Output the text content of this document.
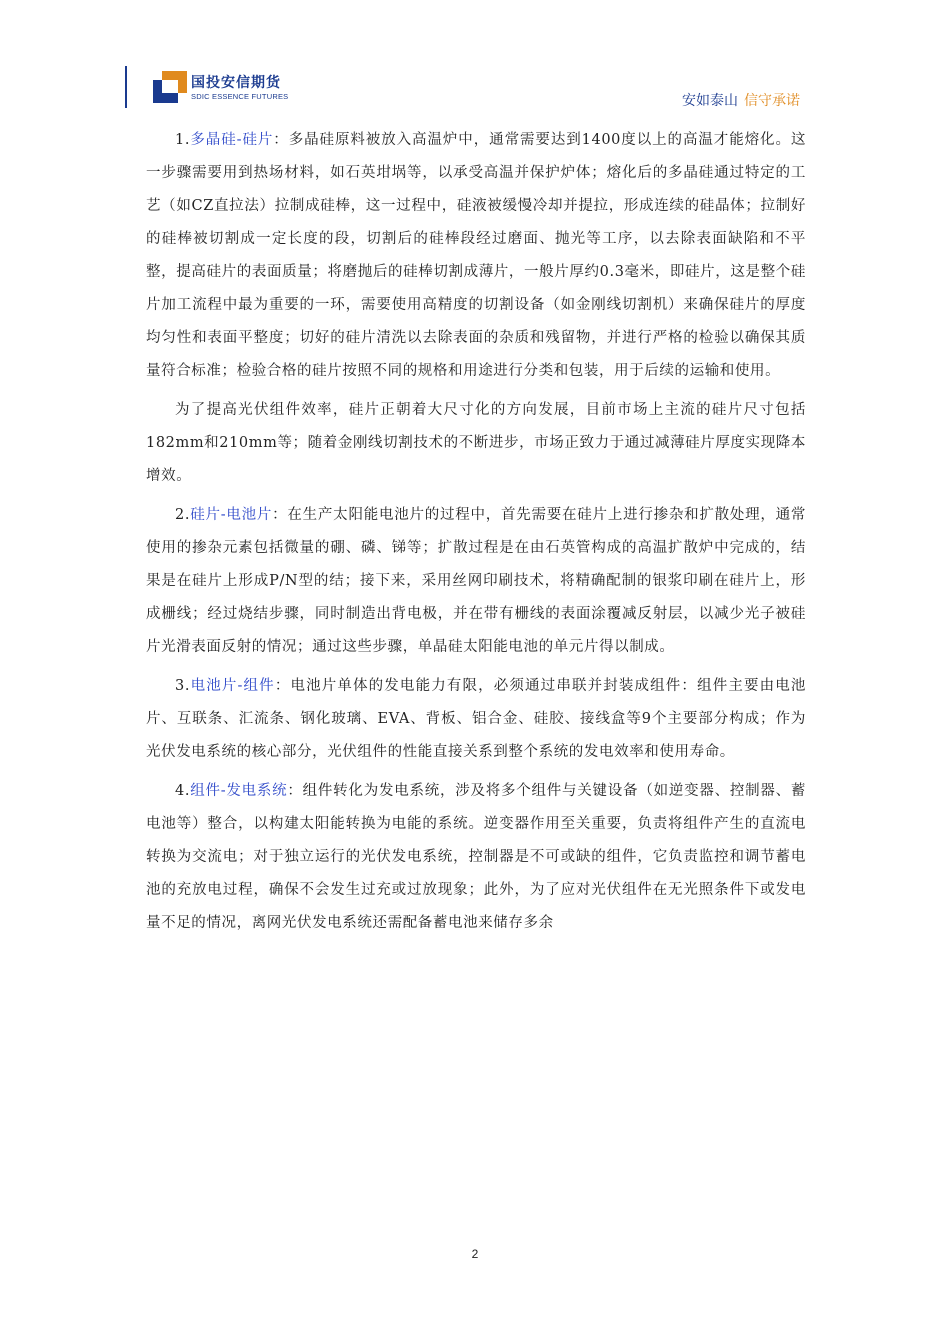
国投安信期货
SDIC ESSENCE FUTURES	安如泰山 信守承诺

1.多晶硅-硅片：多晶硅原料被放入高温炉中，通常需要达到1400度以上的高温才能熔化。这一步骤需要用到热场材料，如石英坩埚等，以承受高温并保护炉体；熔化后的多晶硅通过特定的工艺（如CZ直拉法）拉制成硅棒，这一过程中，硅液被缓慢冷却并提拉，形成连续的硅晶体；拉制好的硅棒被切割成一定长度的段，切割后的硅棒段经过磨面、抛光等工序，以去除表面缺陷和不平整，提高硅片的表面质量；将磨抛后的硅棒切割成薄片，一般片厚约0.3毫米，即硅片，这是整个硅片加工流程中最为重要的一环，需要使用高精度的切割设备（如金刚线切割机）来确保硅片的厚度均匀性和表面平整度；切好的硅片清洗以去除表面的杂质和残留物，并进行严格的检验以确保其质量符合标准；检验合格的硅片按照不同的规格和用途进行分类和包装，用于后续的运输和使用。

为了提高光伏组件效率，硅片正朝着大尺寸化的方向发展，目前市场上主流的硅片尺寸包括182mm和210mm等；随着金刚线切割技术的不断进步，市场正致力于通过减薄硅片厚度实现降本增效。

2.硅片-电池片：在生产太阳能电池片的过程中，首先需要在硅片上进行掺杂和扩散处理，通常使用的掺杂元素包括微量的硼、磷、锑等；扩散过程是在由石英管构成的高温扩散炉中完成的，结果是在硅片上形成P/N型的结；接下来，采用丝网印刷技术，将精确配制的银浆印刷在硅片上，形成栅线；经过烧结步骤，同时制造出背电极，并在带有栅线的表面涂覆减反射层，以减少光子被硅片光滑表面反射的情况；通过这些步骤，单晶硅太阳能电池的单元片得以制成。

3.电池片-组件：电池片单体的发电能力有限，必须通过串联并封装成组件：组件主要由电池片、互联条、汇流条、钢化玻璃、EVA、背板、铝合金、硅胶、接线盒等9个主要部分构成；作为光伏发电系统的核心部分，光伏组件的性能直接关系到整个系统的发电效率和使用寿命。

4.组件-发电系统：组件转化为发电系统，涉及将多个组件与关键设备（如逆变器、控制器、蓄电池等）整合，以构建太阳能转换为电能的系统。逆变器作用至关重要，负责将组件产生的直流电转换为交流电；对于独立运行的光伏发电系统，控制器是不可或缺的组件，它负责监控和调节蓄电池的充放电过程，确保不会发生过充或过放现象；此外，为了应对光伏组件在无光照条件下或发电量不足的情况，离网光伏发电系统还需配备蓄电池来储存多余

2
